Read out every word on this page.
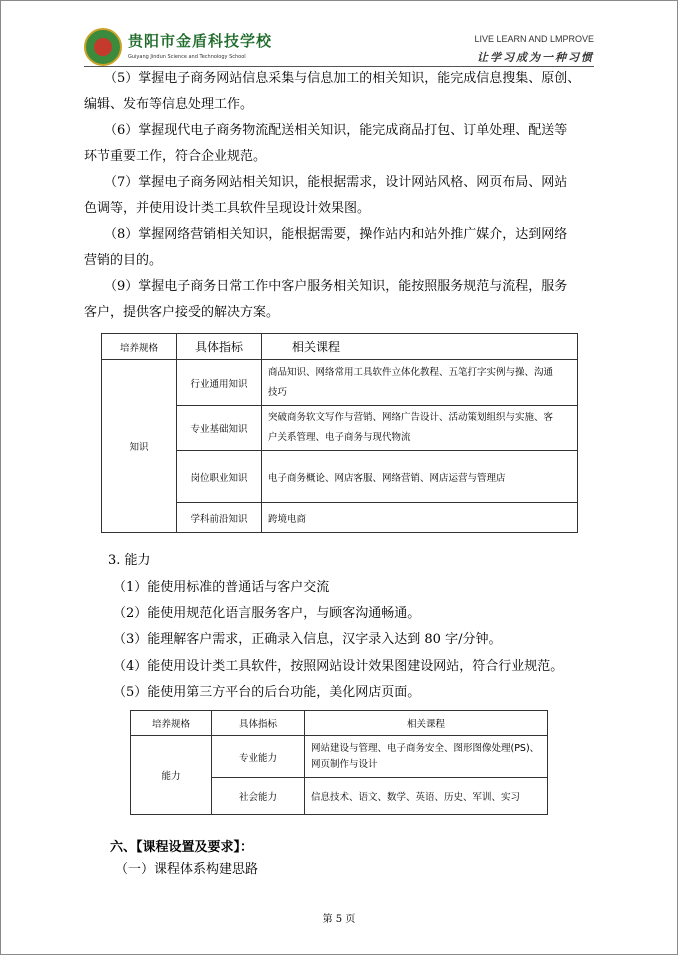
贵阳市金盾科技学校
Guiyang Jindun Science and Technology School
LIVE LEARN AND LMPROVE
让学习成为一种习惯
（5）掌握电子商务网站信息采集与信息加工的相关知识，能完成信息搜集、原创、
编辑、发布等信息处理工作。
（6）掌握现代电子商务物流配送相关知识，能完成商品打包、订单处理、配送等
环节重要工作，符合企业规范。
（7）掌握电子商务网站相关知识，能根据需求，设计网站风格、网页布局、网站
色调等，并使用设计类工具软件呈现设计效果图。
（8）掌握网络营销相关知识，能根据需要，操作站内和站外推广媒介，达到网络
营销的目的。
（9）掌握电子商务日常工作中客户服务相关知识，能按照服务规范与流程，服务
客户，提供客户接受的解决方案。
培养规格	具体指标	相关课程
知识	行业通用知识	商品知识、网络常用工具软件立体化教程、五笔打字实例与操、沟通
技巧

	专业基础知识	突破商务软文写作与营销、网络广告设计、活动策划组织与实施、客
户关系管理、电子商务与现代物流

	岗位职业知识	电子商务概论、网店客服、网络营销、网店运营与管理店
	学科前沿知识	跨境电商
3. 能力
（1）能使用标准的普通话与客户交流
（2）能使用规范化语言服务客户，与顾客沟通畅通。
（3）能理解客户需求，正确录入信息，汉字录入达到 80 字/分钟。
（4）能使用设计类工具软件，按照网站设计效果图建设网站，符合行业规范。
（5）能使用第三方平台的后台功能，美化网店页面。
培养规格	具体指标	相关课程
能力	专业能力	网站建设与管理、电子商务安全、图形图像处理(PS)、
网页制作与设计

	社会能力	信息技术、语文、数学、英语、历史、军训、实习
六、【课程设置及要求】：
（一）课程体系构建思路
第 5 页
